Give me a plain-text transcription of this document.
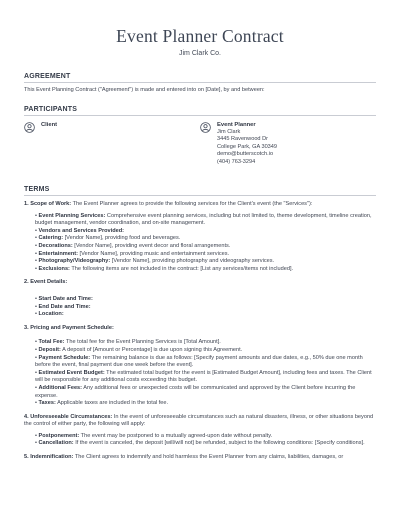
Event Planner Contract
Jim Clark Co.
AGREEMENT
This Event Planning Contract ("Agreement") is made and entered into on [Date], by and between:
PARTICIPANTS
Client	Event Planner
Jim Clark
3445 Ravenwood Dr
College Park, GA 30349
demo@butterscotch.io
(404) 763-3294
TERMS
1. Scope of Work: The Event Planner agrees to provide the following services for the Client's event (the "Services"):
• Event Planning Services: Comprehensive event planning services, including but not limited to, theme development, timeline creation, budget management, vendor coordination, and on-site management.
• Vendors and Services Provided:
• Catering: [Vendor Name], providing food and beverages.
• Decorations: [Vendor Name], providing event decor and floral arrangements.
• Entertainment: [Vendor Name], providing music and entertainment services.
• Photography/Videography: [Vendor Name], providing photography and videography services.
• Exclusions: The following items are not included in the contract: [List any services/items not included].
2. Event Details:
• Start Date and Time:
• End Date and Time:
• Location:
3. Pricing and Payment Schedule:
• Total Fee: The total fee for the Event Planning Services is [Total Amount].
• Deposit: A deposit of [Amount or Percentage] is due upon signing this Agreement.
• Payment Schedule: The remaining balance is due as follows: [Specify payment amounts and due dates, e.g., 50% due one month before the event, final payment due one week before the event].
• Estimated Event Budget: The estimated total budget for the event is [Estimated Budget Amount], including fees and taxes. The Client will be responsible for any additional costs exceeding this budget.
• Additional Fees: Any additional fees or unexpected costs will be communicated and approved by the Client before incurring the expense.
• Taxes: Applicable taxes are included in the total fee.
4. Unforeseeable Circumstances: In the event of unforeseeable circumstances such as natural disasters, illness, or other situations beyond the control of either party, the following will apply:
• Postponement: The event may be postponed to a mutually agreed-upon date without penalty.
• Cancellation: If the event is canceled, the deposit [will/will not] be refunded, subject to the following conditions: [Specify conditions].
5. Indemnification: The Client agrees to indemnify and hold harmless the Event Planner from any claims, liabilities, damages, or
